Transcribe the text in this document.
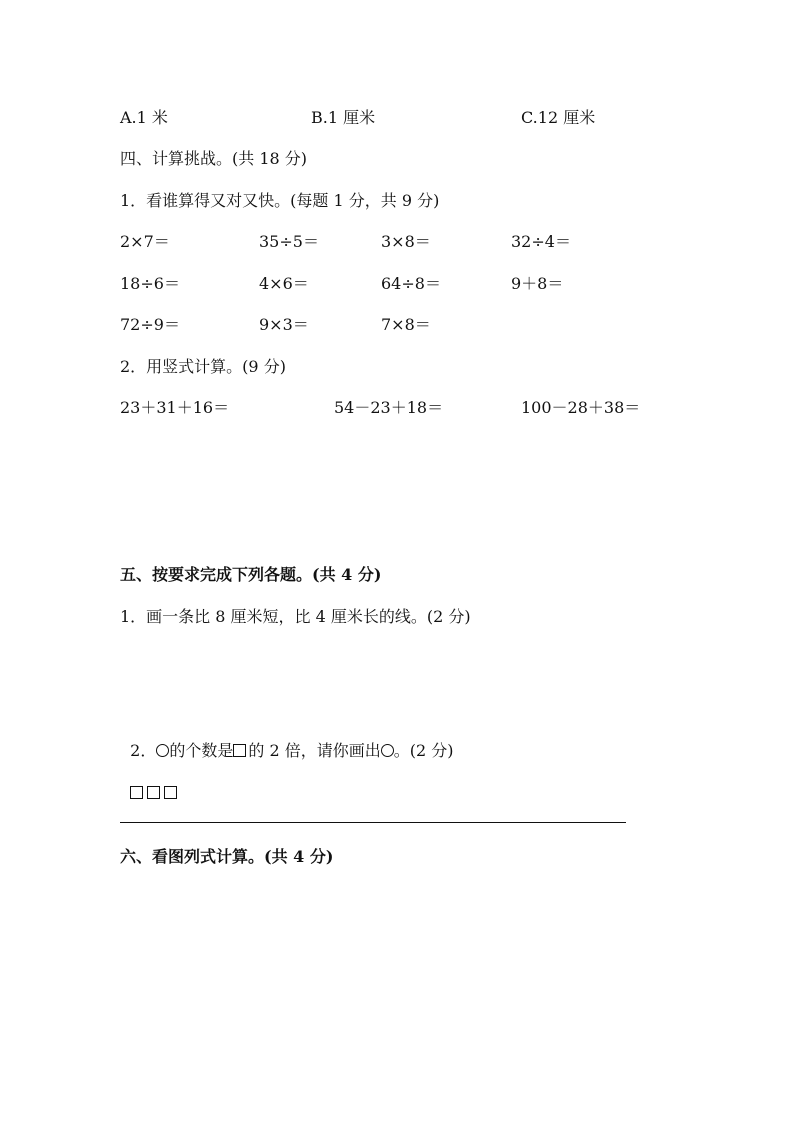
A.1 米	B.1 厘米	C.12 厘米
四、计算挑战。(共 18 分)
1．看谁算得又对又快。(每题 1 分，共 9 分)
2×7＝	35÷5＝	3×8＝	32÷4＝
18÷6＝	4×6＝	64÷8＝	9＋8＝
72÷9＝	9×3＝	7×8＝
2．用竖式计算。(9 分)
23＋31＋16＝	54－23＋18＝	100－28＋38＝
五、按要求完成下列各题。(共 4 分)
1．画一条比 8 厘米短，比 4 厘米长的线。(2 分)

2． 的个数是 的 2 倍，请你画出 。(2 分)

六、看图列式计算。(共 4 分)
